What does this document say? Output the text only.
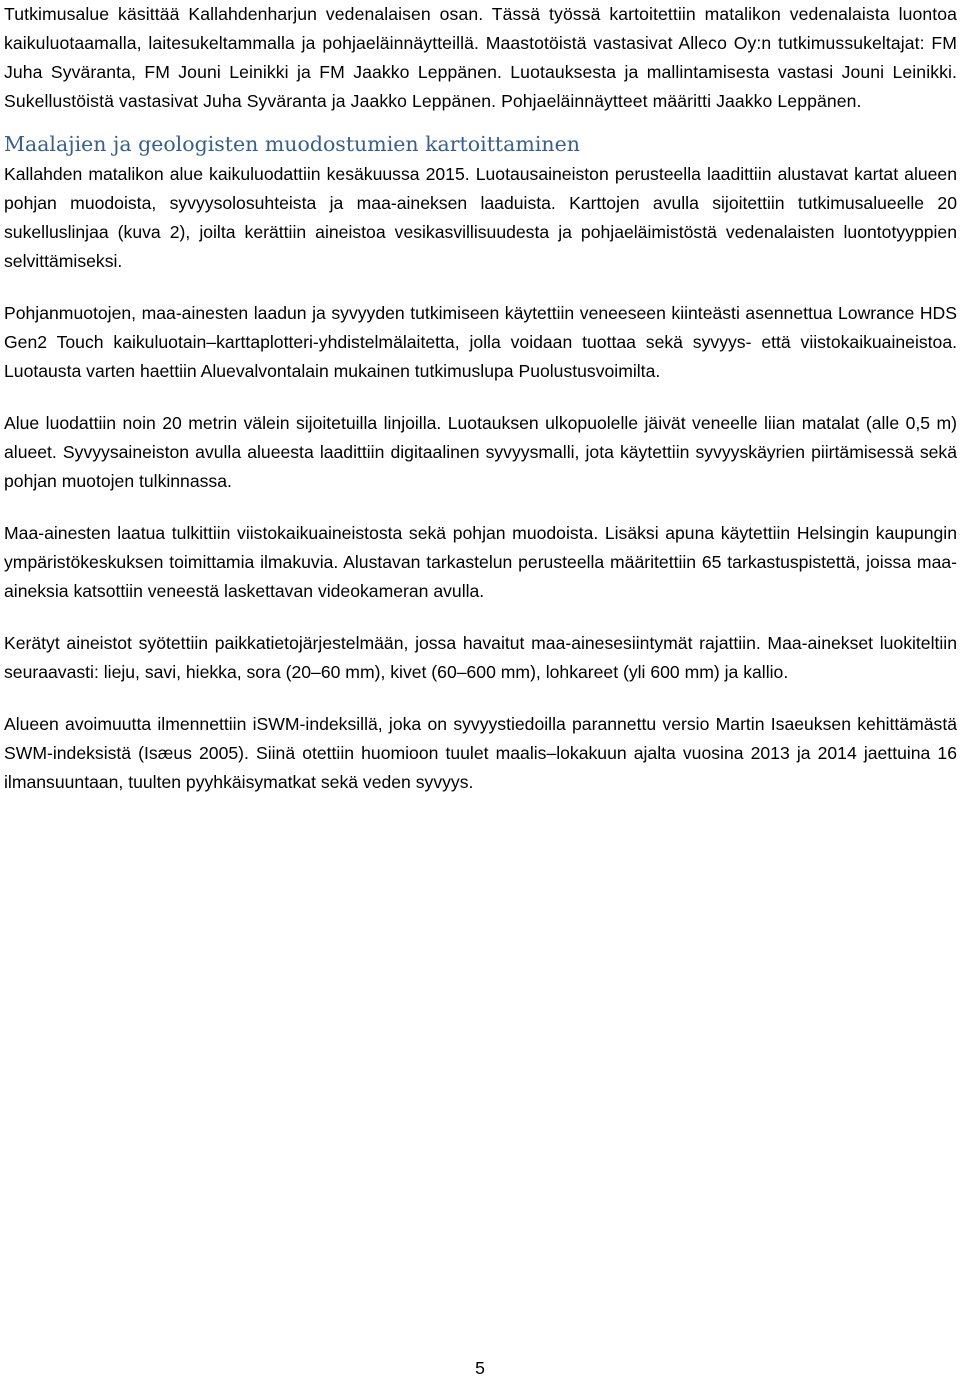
Tutkimusalue käsittää Kallahdenharjun vedenalaisen osan. Tässä työssä kartoitettiin matalikon vedenalaista luontoa kaikuluotaamalla, laitesukeltammalla ja pohjaeläinnäytteillä. Maastotöistä vastasivat Alleco Oy:n tutkimussukeltajat: FM Juha Syväranta, FM Jouni Leinikki ja FM Jaakko Leppänen. Luotauksesta ja mallintamisesta vastasi Jouni Leinikki. Sukellustöistä vastasivat Juha Syväranta ja Jaakko Leppänen. Pohjaeläinnäytteet määritti Jaakko Leppänen.

Maalajien ja geologisten muodostumien kartoittaminen

Kallahden matalikon alue kaikuluodattiin kesäkuussa 2015. Luotausaineiston perusteella laadittiin alustavat kartat alueen pohjan muodoista, syvyysolosuhteista ja maa-aineksen laaduista. Karttojen avulla sijoitettiin tutkimusalueelle 20 sukelluslinjaa (kuva 2), joilta kerättiin aineistoa vesikasvillisuudesta ja pohjaeläimistöstä vedenalaisten luontotyyppien selvittämiseksi.

Pohjanmuotojen, maa-ainesten laadun ja syvyyden tutkimiseen käytettiin veneeseen kiinteästi asennettua Lowrance HDS Gen2 Touch kaikuluotain–karttaplotteri-yhdistelmälaitetta, jolla voidaan tuottaa sekä syvyys- että viistokaikuaineistoa. Luotausta varten haettiin Aluevalvontalain mukainen tutkimuslupa Puolustusvoimilta.

Alue luodattiin noin 20 metrin välein sijoitetuilla linjoilla. Luotauksen ulkopuolelle jäivät veneelle liian matalat (alle 0,5 m) alueet. Syvyysaineiston avulla alueesta laadittiin digitaalinen syvyysmalli, jota käytettiin syvyyskäyrien piirtämisessä sekä pohjan muotojen tulkinnassa.

Maa-ainesten laatua tulkittiin viistokaikuaineistosta sekä pohjan muodoista. Lisäksi apuna käytettiin Helsingin kaupungin ympäristökeskuksen toimittamia ilmakuvia. Alustavan tarkastelun perusteella määritettiin 65 tarkastuspistettä, joissa maa-aineksia katsottiin veneestä laskettavan videokameran avulla.

Kerätyt aineistot syötettiin paikkatietojärjestelmään, jossa havaitut maa-ainesesiintymät rajattiin. Maa-ainekset luokiteltiin seuraavasti: lieju, savi, hiekka, sora (20–60 mm), kivet (60–600 mm), lohkareet (yli 600 mm) ja kallio.

Alueen avoimuutta ilmennettiin iSWM-indeksillä, joka on syvyystiedoilla parannettu versio Martin Isaeuksen kehittämästä SWM-indeksistä (Isæus 2005). Siinä otettiin huomioon tuulet maalis–lokakuun ajalta vuosina 2013 ja 2014 jaettuina 16 ilmansuuntaan, tuulten pyyhkäisymatkat sekä veden syvyys.

5
